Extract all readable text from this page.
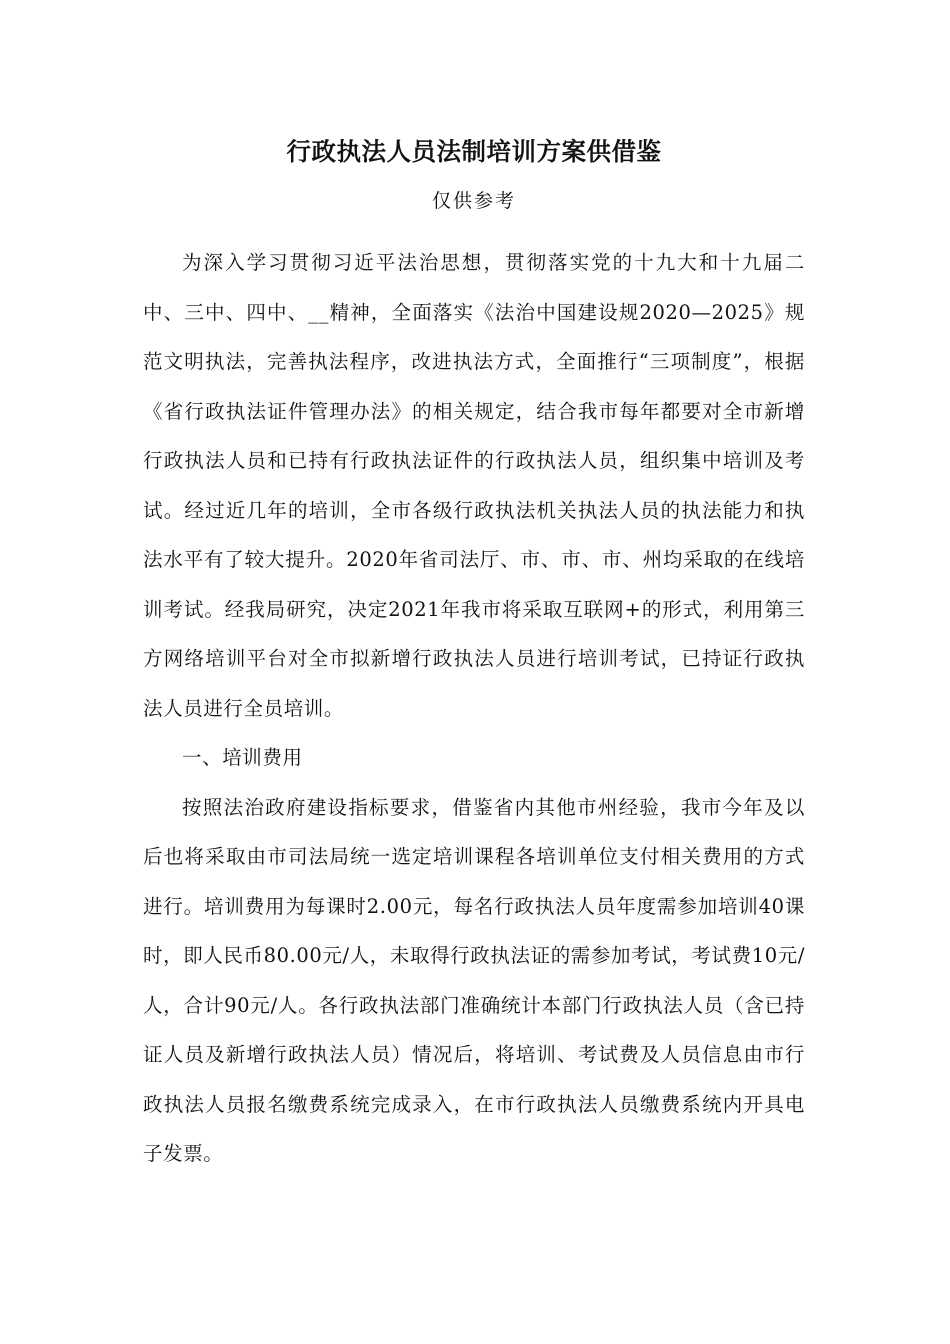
行政执法人员法制培训方案供借鉴

仅供参考

为深入学习贯彻习近平法治思想，贯彻落实党的十九大和十九届二中、三中、四中、__精神，全面落实《法治中国建设规2020—2025》规范文明执法，完善执法程序，改进执法方式，全面推行“三项制度”，根据《省行政执法证件管理办法》的相关规定，结合我市每年都要对全市新增行政执法人员和已持有行政执法证件的行政执法人员，组织集中培训及考试。经过近几年的培训，全市各级行政执法机关执法人员的执法能力和执法水平有了较大提升。2020年省司法厅、市、市、市、州均采取的在线培训考试。经我局研究，决定2021年我市将采取互联网+的形式，利用第三方网络培训平台对全市拟新增行政执法人员进行培训考试，已持证行政执法人员进行全员培训。

一、培训费用

按照法治政府建设指标要求，借鉴省内其他市州经验，我市今年及以后也将采取由市司法局统一选定培训课程各培训单位支付相关费用的方式进行。培训费用为每课时2.00元，每名行政执法人员年度需参加培训40课时，即人民币80.00元/人，未取得行政执法证的需参加考试，考试费10元/人，合计90元/人。各行政执法部门准确统计本部门行政执法人员（含已持证人员及新增行政执法人员）情况后，将培训、考试费及人员信息由市行政执法人员报名缴费系统完成录入，在市行政执法人员缴费系统内开具电子发票。
